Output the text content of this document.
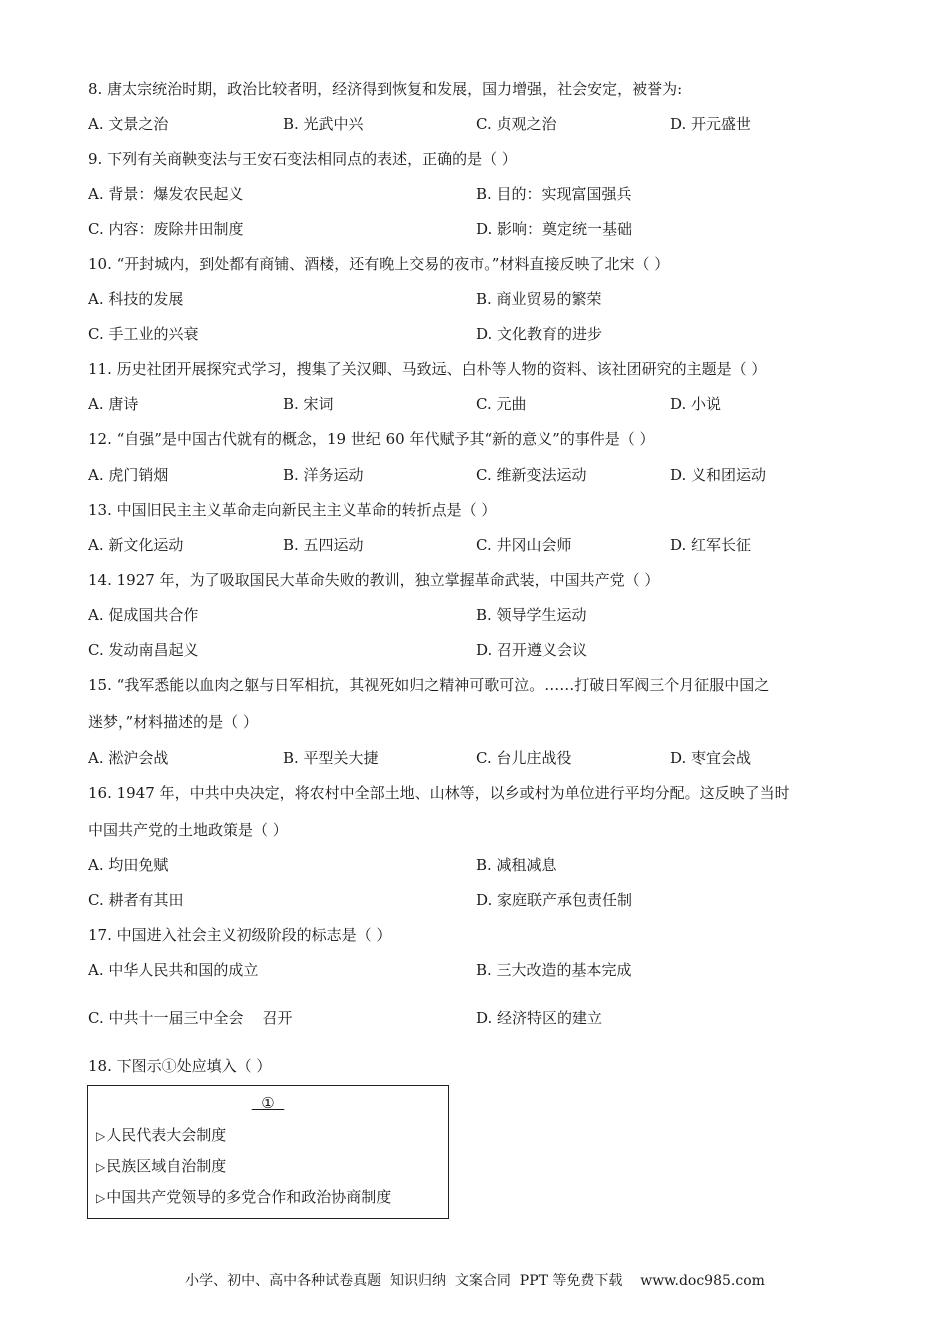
8. 唐太宗统治时期，政治比较者明，经济得到恢复和发展，国力增强，社会安定，被誉为:
A. 文景之治	B. 光武中兴	C. 贞观之治	D. 开元盛世
9. 下列有关商鞅变法与王安石变法相同点的表述，正确的是（ ）
A. 背景：爆发农民起义	B. 目的：实现富国强兵
C. 内容：废除井田制度	D. 影响：奠定统一基础
10. “开封城内，到处都有商铺、酒楼，还有晚上交易的夜市。”材料直接反映了北宋（ ）
A. 科技的发展	B. 商业贸易的繁荣
C. 手工业的兴衰	D. 文化教育的进步
11. 历史社团开展探究式学习，搜集了关汉卿、马致远、白朴等人物的资料、该社团研究的主题是（ ）
A. 唐诗	B. 宋词	C. 元曲	D. 小说
12. “自强”是中国古代就有的概念，19 世纪 60 年代赋予其“新的意义”的事件是（ ）
A. 虎门销烟	B. 洋务运动	C. 维新变法运动	D. 义和团运动
13. 中国旧民主主义革命走向新民主主义革命的转折点是（ ）
A. 新文化运动	B. 五四运动	C. 井冈山会师	D. 红军长征
14. 1927 年，为了吸取国民大革命失败的教训，独立掌握革命武装，中国共产党（ ）
A. 促成国共合作	B. 领导学生运动
C. 发动南昌起义	D. 召开遵义会议
15. “我军悉能以血肉之躯与日军相抗，其视死如归之精神可歌可泣。……打破日军阀三个月征服中国之
迷梦，”材料描述的是（ ）
A. 淞沪会战	B. 平型关大捷	C. 台儿庄战役	D. 枣宜会战
16. 1947 年，中共中央决定，将农村中全部土地、山林等，以乡或村为单位进行平均分配。这反映了当时
中国共产党的土地政策是（ ）
A. 均田免赋	B. 减租减息
C. 耕者有其田	D. 家庭联产承包责任制
17. 中国进入社会主义初级阶段的标志是（ ）
A. 中华人民共和国的成立	B. 三大改造的基本完成
C. 中共十一届三中全会    召开	D. 经济特区的建立
18. 下图示①处应填入（ ）
①
▷人民代表大会制度
▷民族区域自治制度
▷中国共产党领导的多党合作和政治协商制度
小学、初中、高中各种试卷真题  知识归纳  文案合同  PPT 等免费下载    www.doc985.com
